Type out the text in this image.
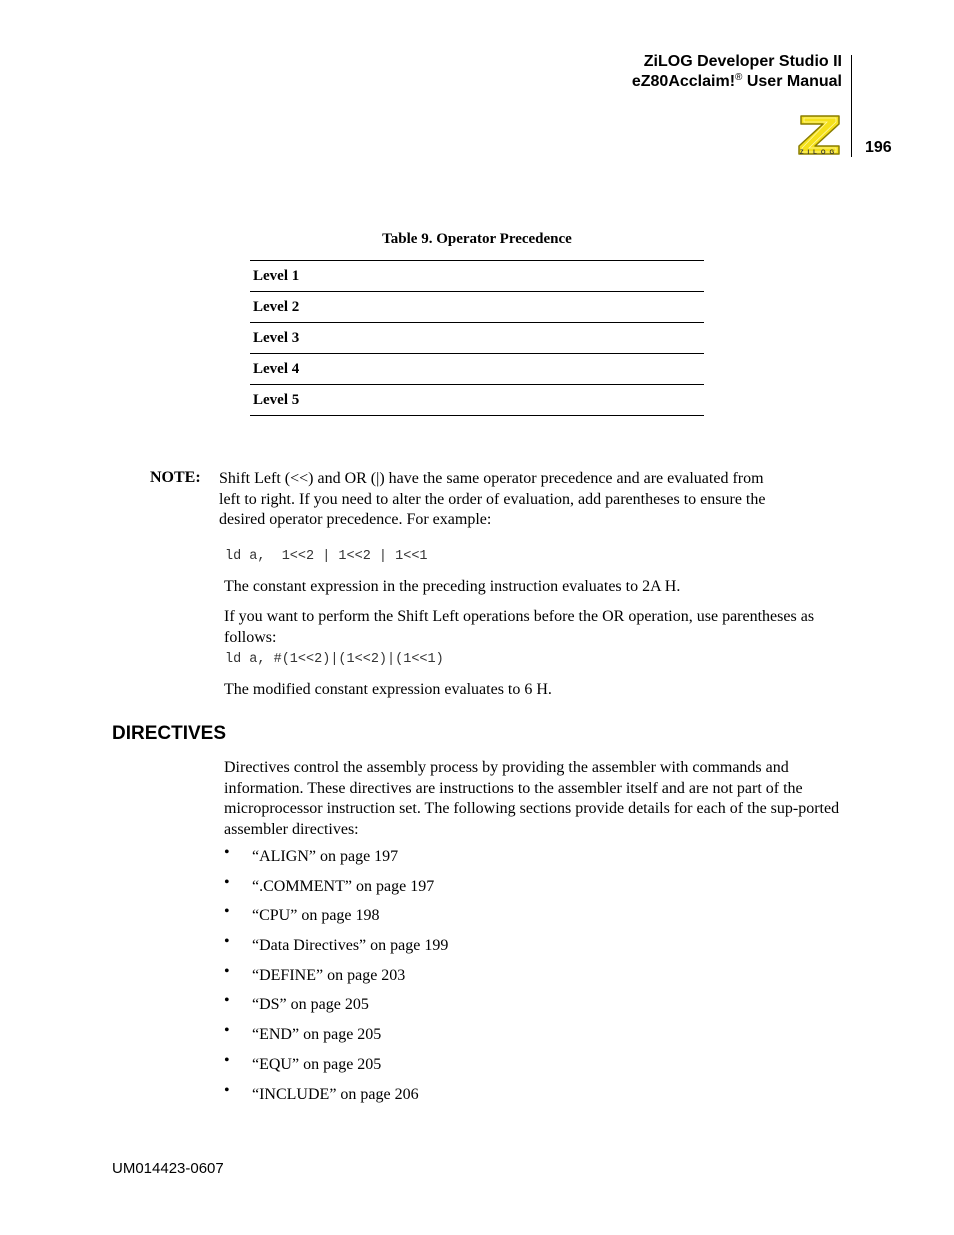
ZiLOG Developer Studio II
eZ80Acclaim!® User Manual
ZILOG 196
Table 9. Operator Precedence
Level 1
Level 2
Level 3
Level 4
Level 5
NOTE: Shift Left (<<) and OR (|) have the same operator precedence and are evaluated from left to right. If you need to alter the order of evaluation, add parentheses to ensure the desired operator precedence. For example:
ld a,  1<<2 | 1<<2 | 1<<1
The constant expression in the preceding instruction evaluates to 2A H.
If you want to perform the Shift Left operations before the OR operation, use parentheses as follows:
ld a, #(1<<2)|(1<<2)|(1<<1)
The modified constant expression evaluates to 6 H.
DIRECTIVES
Directives control the assembly process by providing the assembler with commands and information. These directives are instructions to the assembler itself and are not part of the microprocessor instruction set. The following sections provide details for each of the sup-ported assembler directives:
•	“ALIGN” on page 197
•	“.COMMENT” on page 197
•	“CPU” on page 198
•	“Data Directives” on page 199
•	“DEFINE” on page 203
•	“DS” on page 205
•	“END” on page 205
•	“EQU” on page 205
•	“INCLUDE” on page 206
UM014423-0607
